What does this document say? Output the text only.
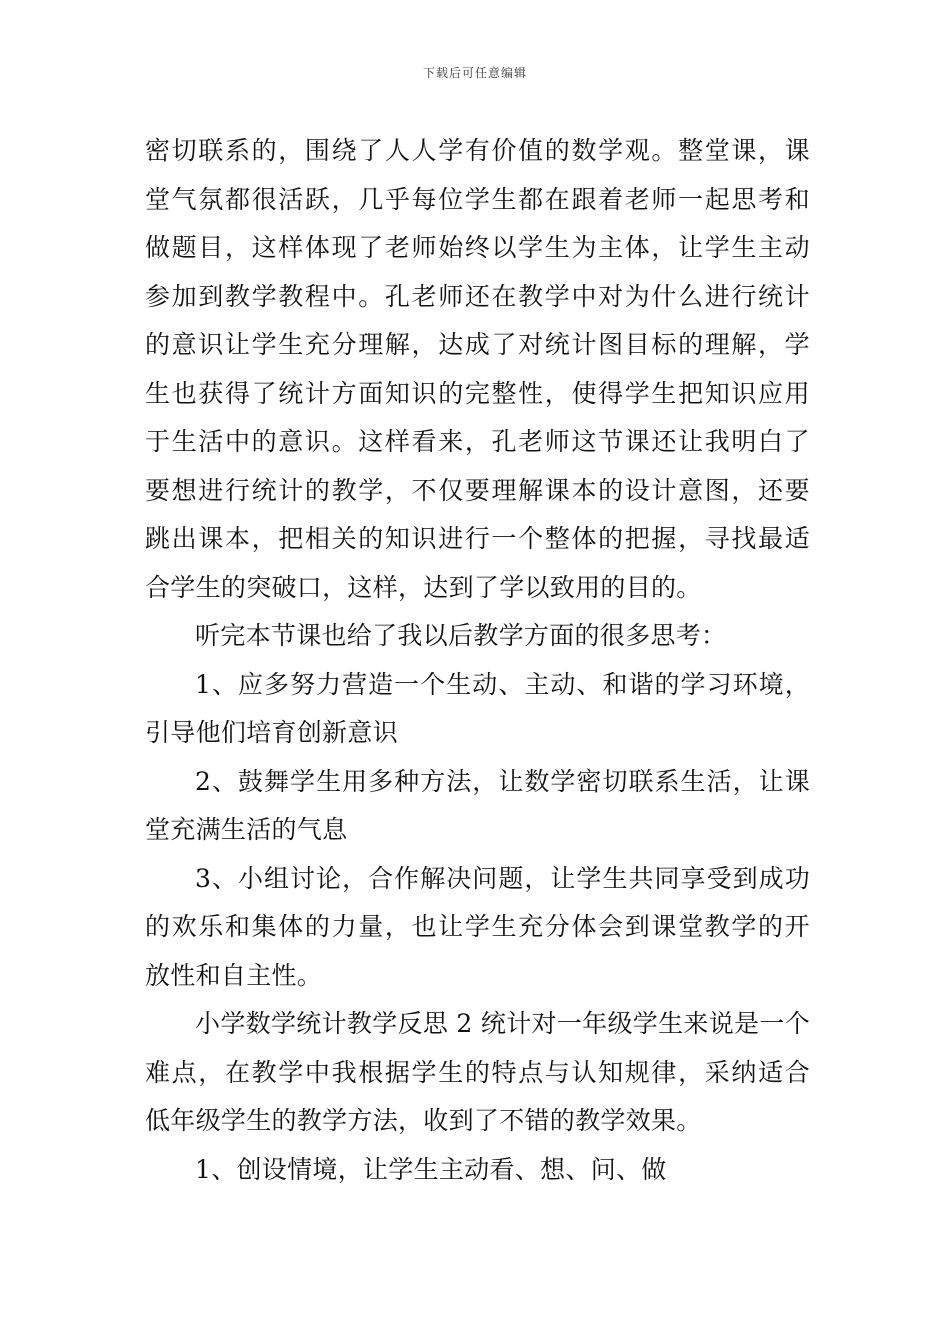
下载后可任意编辑
密切联系的，围绕了人人学有价值的数学观。整堂课，课
堂气氛都很活跃，几乎每位学生都在跟着老师一起思考和
做题目，这样体现了老师始终以学生为主体，让学生主动
参加到教学教程中。孔老师还在教学中对为什么进行统计
的意识让学生充分理解，达成了对统计图目标的理解，学
生也获得了统计方面知识的完整性，使得学生把知识应用
于生活中的意识。这样看来，孔老师这节课还让我明白了
要想进行统计的教学，不仅要理解课本的设计意图，还要
跳出课本，把相关的知识进行一个整体的把握，寻找最适
合学生的突破口，这样，达到了学以致用的目的。
听完本节课也给了我以后教学方面的很多思考：
1、应多努力营造一个生动、主动、和谐的学习环境，
引导他们培育创新意识
2、鼓舞学生用多种方法，让数学密切联系生活，让课
堂充满生活的气息
3、小组讨论，合作解决问题，让学生共同享受到成功
的欢乐和集体的力量，也让学生充分体会到课堂教学的开
放性和自主性。
小学数学统计教学反思 2 统计对一年级学生来说是一个
难点，在教学中我根据学生的特点与认知规律，采纳适合
低年级学生的教学方法，收到了不错的教学效果。
1、创设情境，让学生主动看、想、问、做
